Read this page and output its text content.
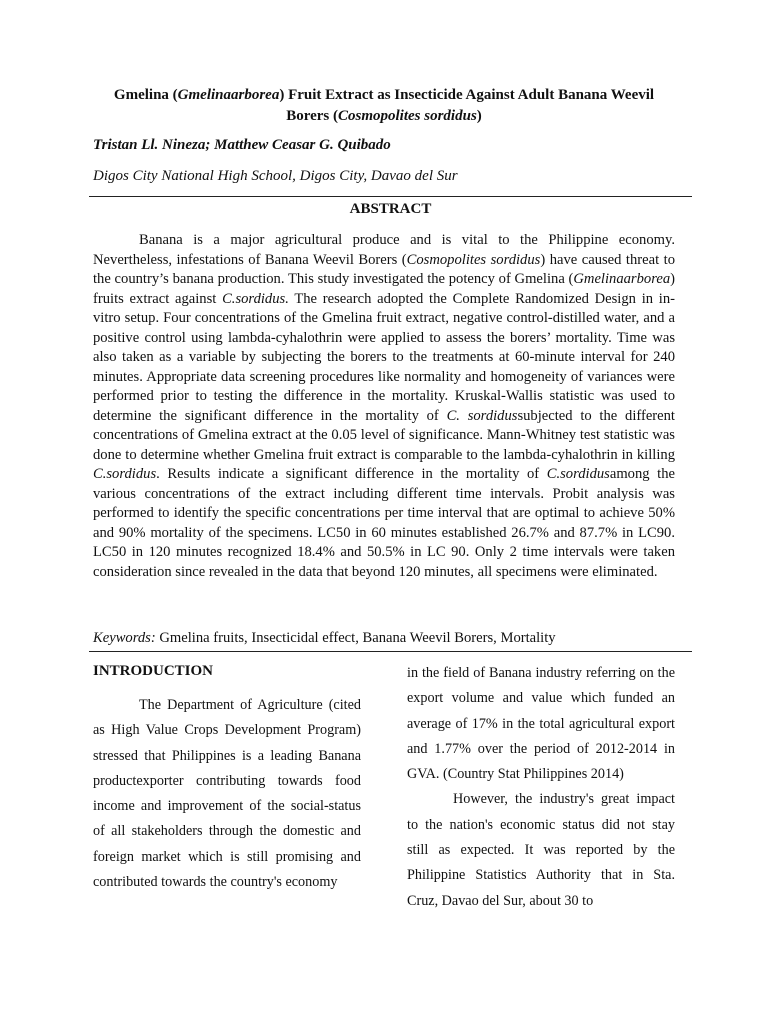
Gmelina (Gmelinaarborea) Fruit Extract as Insecticide Against Adult Banana Weevil Borers (Cosmopolites sordidus)

Tristan Ll. Nineza; Matthew Ceasar G. Quibado

Digos City National High School, Digos City, Davao del Sur

ABSTRACT

Banana is a major agricultural produce and is vital to the Philippine economy. Nevertheless, infestations of Banana Weevil Borers (Cosmopolites sordidus) have caused threat to the country’s banana production. This study investigated the potency of Gmelina (Gmelinaarborea) fruits extract against C.sordidus. The research adopted the Complete Randomized Design in in-vitro setup. Four concentrations of the Gmelina fruit extract, negative control-distilled water, and a positive control using lambda-cyhalothrin were applied to assess the borers’ mortality. Time was also taken as a variable by subjecting the borers to the treatments at 60-minute interval for 240 minutes. Appropriate data screening procedures like normality and homogeneity of variances were performed prior to testing the difference in the mortality. Kruskal-Wallis statistic was used to determine the significant difference in the mortality of C. sordidussubjected to the different concentrations of Gmelina extract at the 0.05 level of significance. Mann-Whitney test statistic was done to determine whether Gmelina fruit extract is comparable to the lambda-cyhalothrin in killing C.sordidus. Results indicate a significant difference in the mortality of C.sordidusamong the various concentrations of the extract including different time intervals. Probit analysis was performed to identify the specific concentrations per time interval that are optimal to achieve 50% and 90% mortality of the specimens. LC50 in 60 minutes established 26.7% and 87.7% in LC90. LC50 in 120 minutes recognized 18.4% and 50.5% in LC 90. Only 2 time intervals were taken consideration since revealed in the data that beyond 120 minutes, all specimens were eliminated.

Keywords: Gmelina fruits, Insecticidal effect, Banana Weevil Borers, Mortality

INTRODUCTION

The Department of Agriculture (cited as High Value Crops Development Program) stressed that Philippines is a leading Banana productexporter contributing towards food income and improvement of the social-status of all stakeholders through the domestic and foreign market which is still promising and contributed towards the country's economy

in the field of Banana industry referring on the export volume and value which funded an average of 17% in the total agricultural export and 1.77% over the period of 2012-2014 in GVA. (Country Stat Philippines 2014)

However, the industry's great impact to the nation's economic status did not stay still as expected. It was reported by the Philippine Statistics Authority that in Sta. Cruz, Davao del Sur, about 30 to
